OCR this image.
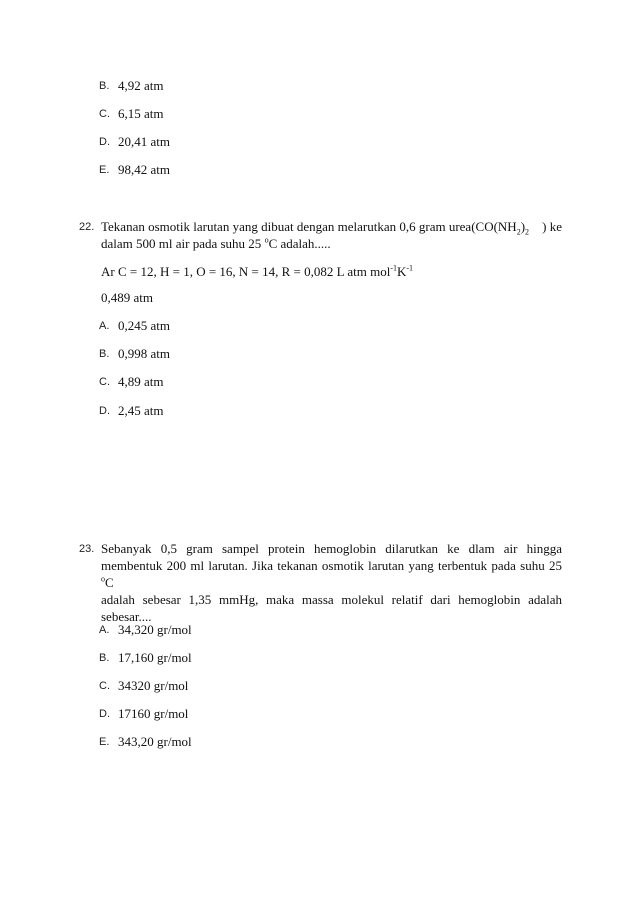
B. 4,92 atm
C. 6,15 atm
D. 20,41 atm
E. 98,42 atm
22. Tekanan osmotik larutan yang dibuat dengan melarutkan 0,6 gram $urea(CO(NH_2)_2$ ) ke
dalam 500 ml air pada suhu 25 $^o$C adalah.....
Ar C = 12, H = 1, O = 16, N = 14, R = 0,082 L atm $mol^{-1}K^{-1}$
0,489 atm
A. 0,245 atm
B. 0,998 atm
C. 4,89 atm
D. 2,45 atm
23. Sebanyak 0,5 gram sampel protein hemoglobin dilarutkan ke dlam air hingga
membentuk 200 ml larutan. Jika tekanan osmotik larutan yang terbentuk pada suhu 25 $^o$C
adalah sebesar 1,35 mmHg, maka massa molekul relatif dari hemoglobin adalah
sebesar....
A. 34,320 gr/mol
B. 17,160 gr/mol
C. 34320 gr/mol
D. 17160 gr/mol
E. 343,20 gr/mol
